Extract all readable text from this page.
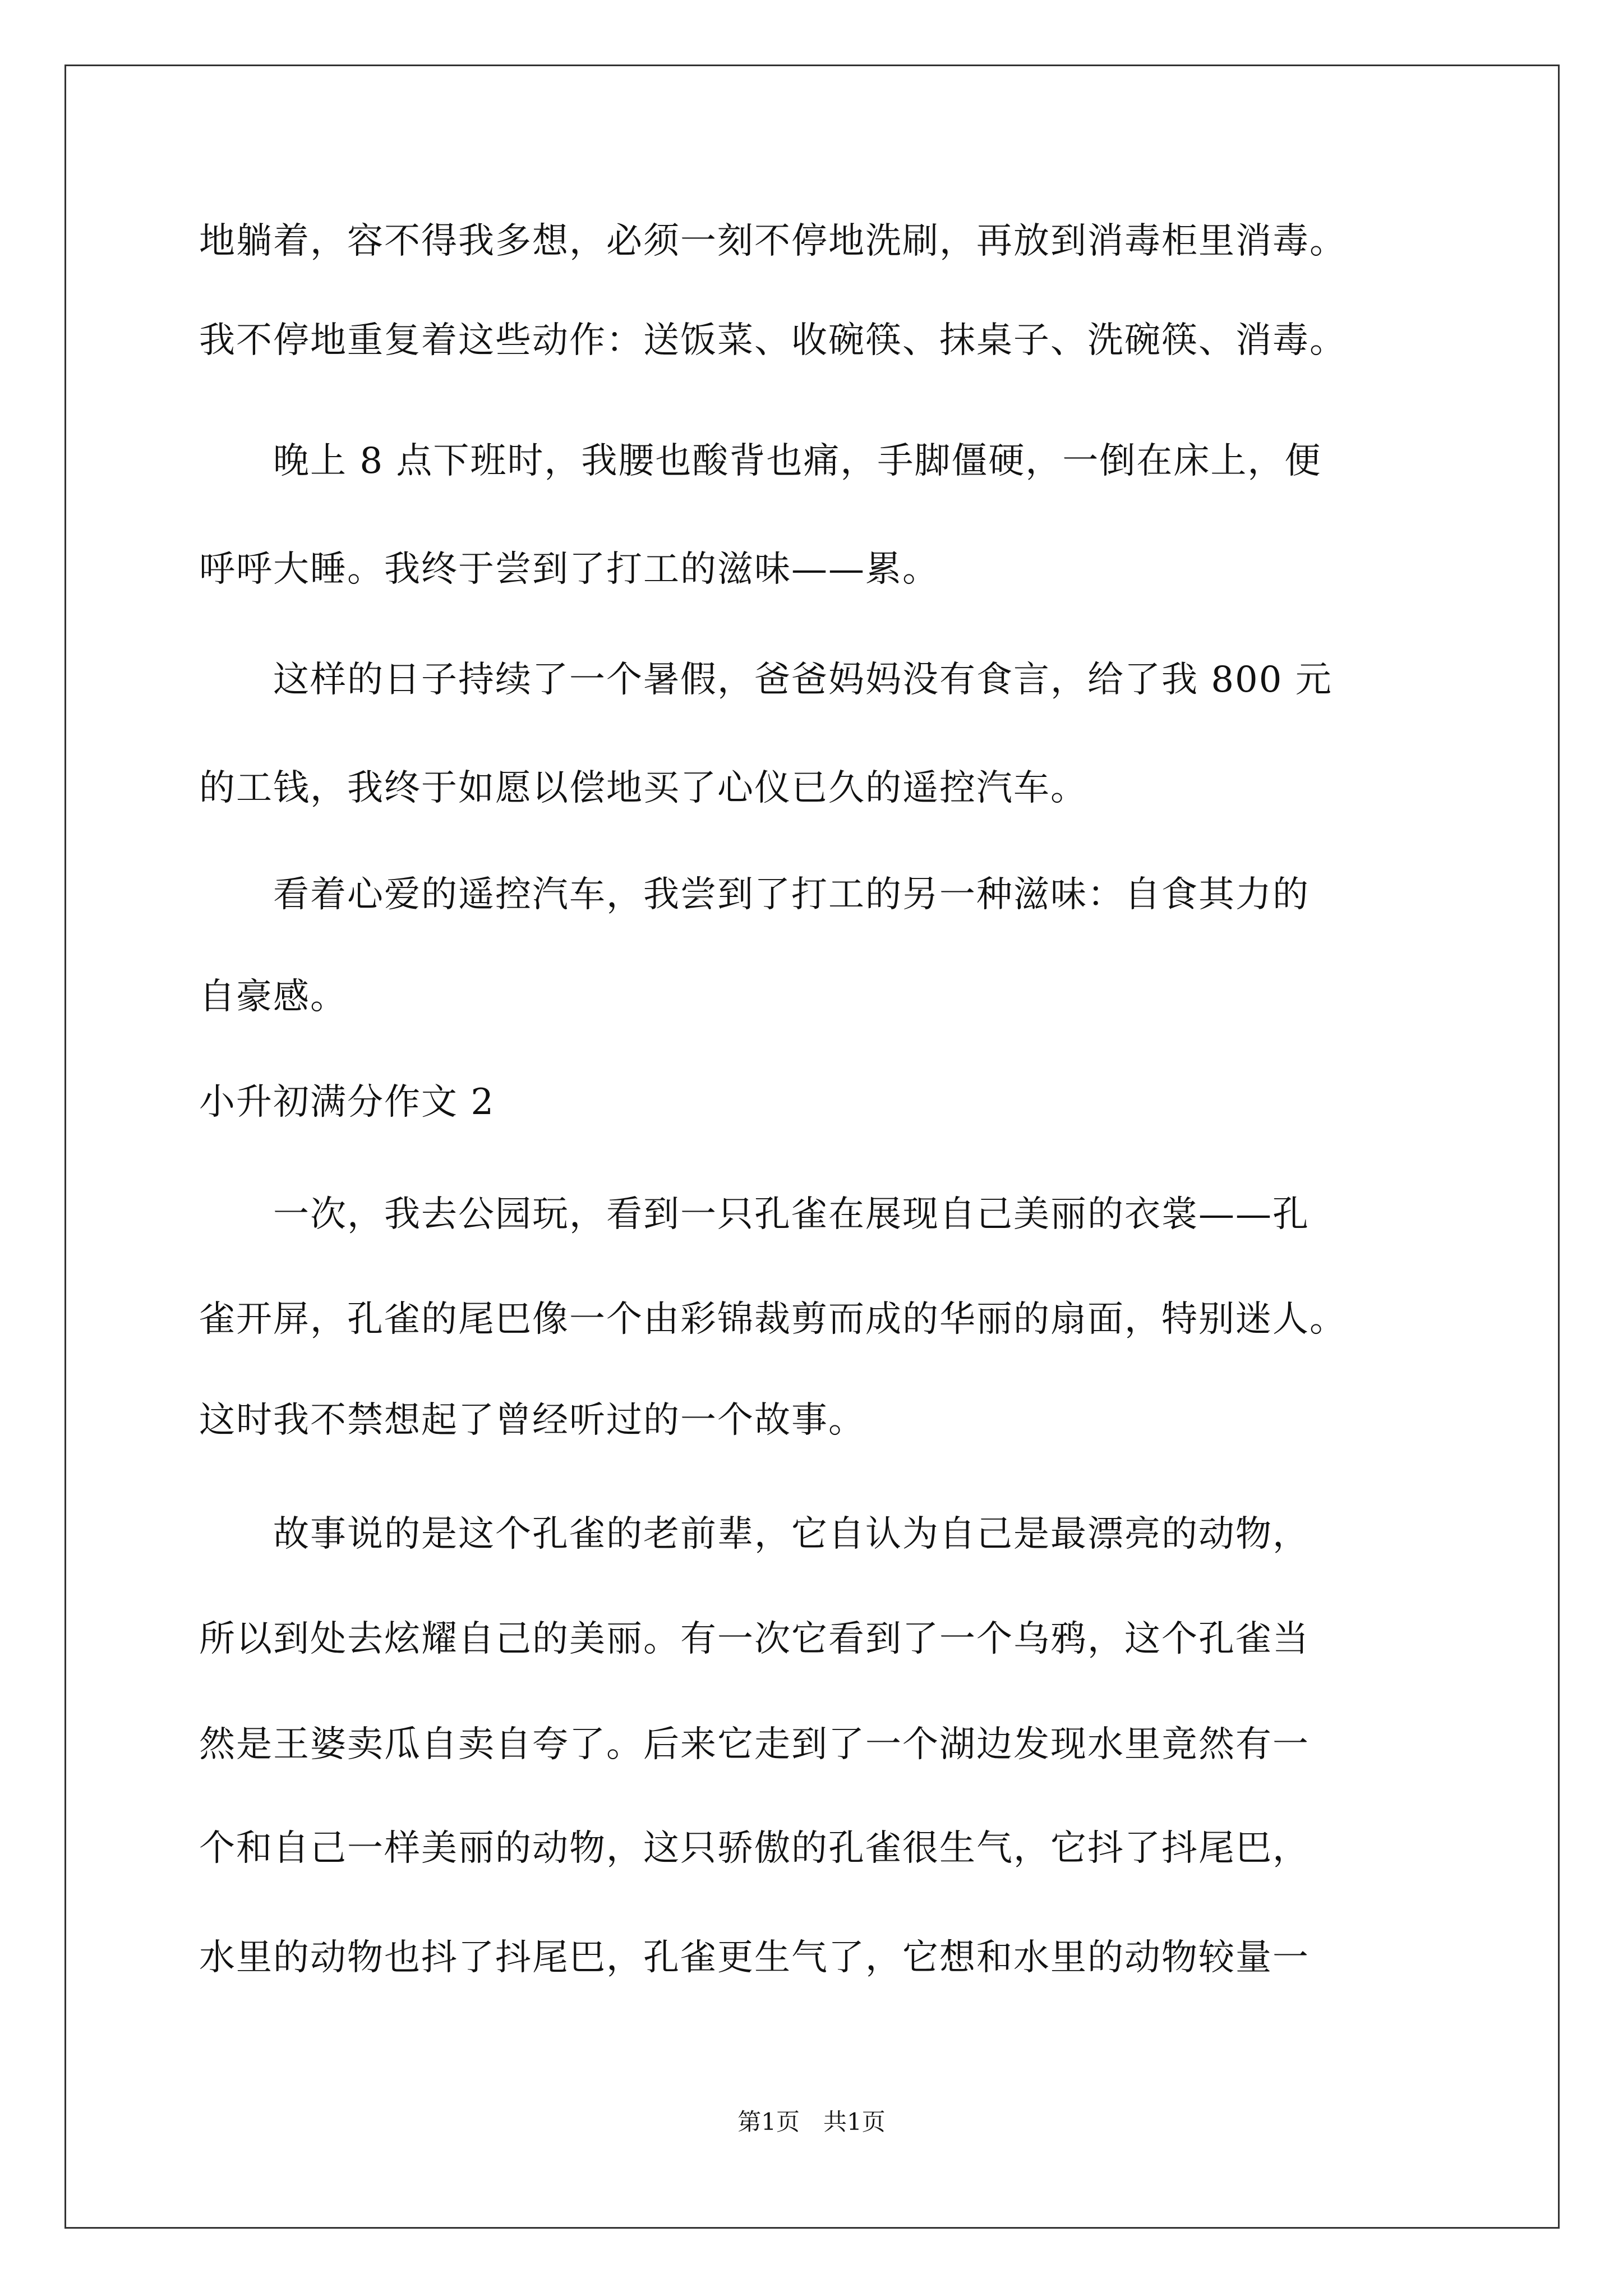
地躺着，容不得我多想，必须一刻不停地洗刷，再放到消毒柜里消毒。
我不停地重复着这些动作：送饭菜、收碗筷、抹桌子、洗碗筷、消毒。
　　晚上 8 点下班时，我腰也酸背也痛，手脚僵硬，一倒在床上，便
呼呼大睡。我终于尝到了打工的滋味——累。
　　这样的日子持续了一个暑假，爸爸妈妈没有食言，给了我 800 元
的工钱，我终于如愿以偿地买了心仪已久的遥控汽车。
　　看着心爱的遥控汽车，我尝到了打工的另一种滋味：自食其力的
自豪感。
小升初满分作文 2
　　一次，我去公园玩，看到一只孔雀在展现自己美丽的衣裳——孔
雀开屏，孔雀的尾巴像一个由彩锦裁剪而成的华丽的扇面，特别迷人。
这时我不禁想起了曾经听过的一个故事。
　　故事说的是这个孔雀的老前辈，它自认为自己是最漂亮的动物，
所以到处去炫耀自己的美丽。有一次它看到了一个乌鸦，这个孔雀当
然是王婆卖瓜自卖自夸了。后来它走到了一个湖边发现水里竟然有一
个和自己一样美丽的动物，这只骄傲的孔雀很生气，它抖了抖尾巴，
水里的动物也抖了抖尾巴，孔雀更生气了，它想和水里的动物较量一
第1页　共1页
